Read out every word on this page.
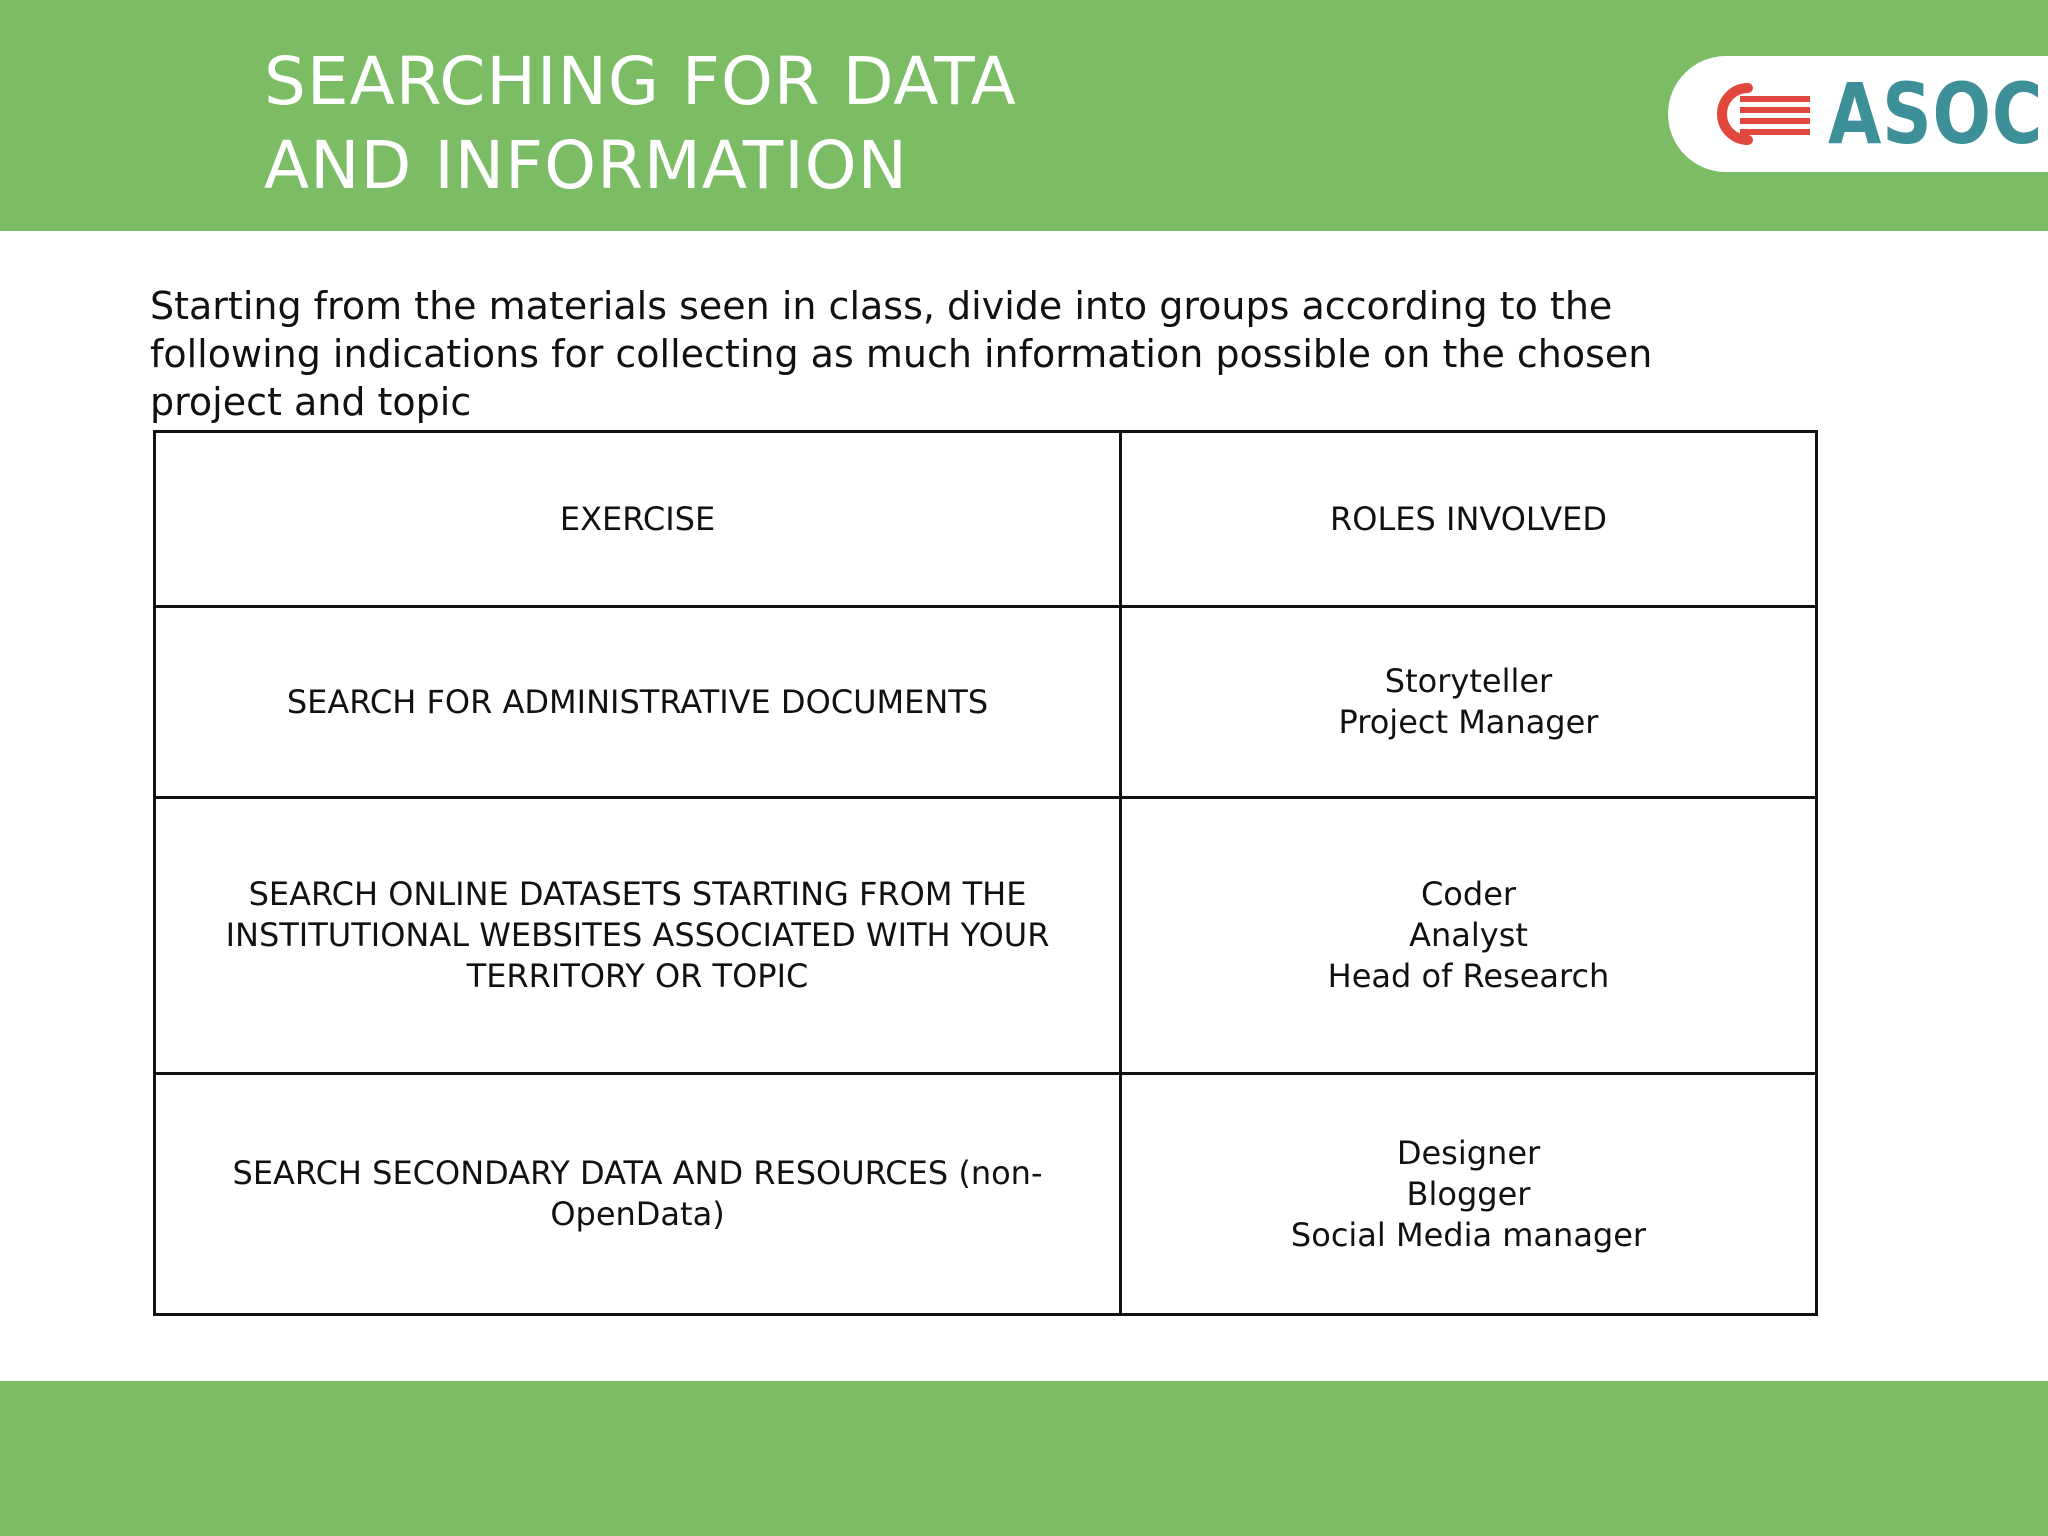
SEARCHING FOR DATA
AND INFORMATION
ASOC

Starting from the materials seen in class, divide into groups according to the following indications for collecting as much information possible on the chosen project and topic

EXERCISE	ROLES INVOLVED
SEARCH FOR ADMINISTRATIVE DOCUMENTS	Storyteller
Project Manager

SEARCH ONLINE DATASETS STARTING FROM THE INSTITUTIONAL WEBSITES ASSOCIATED WITH YOUR TERRITORY OR TOPIC	Coder
Analyst
Head of Research

SEARCH SECONDARY DATA AND RESOURCES (non-OpenData)	Designer
Blogger
Social Media manager
